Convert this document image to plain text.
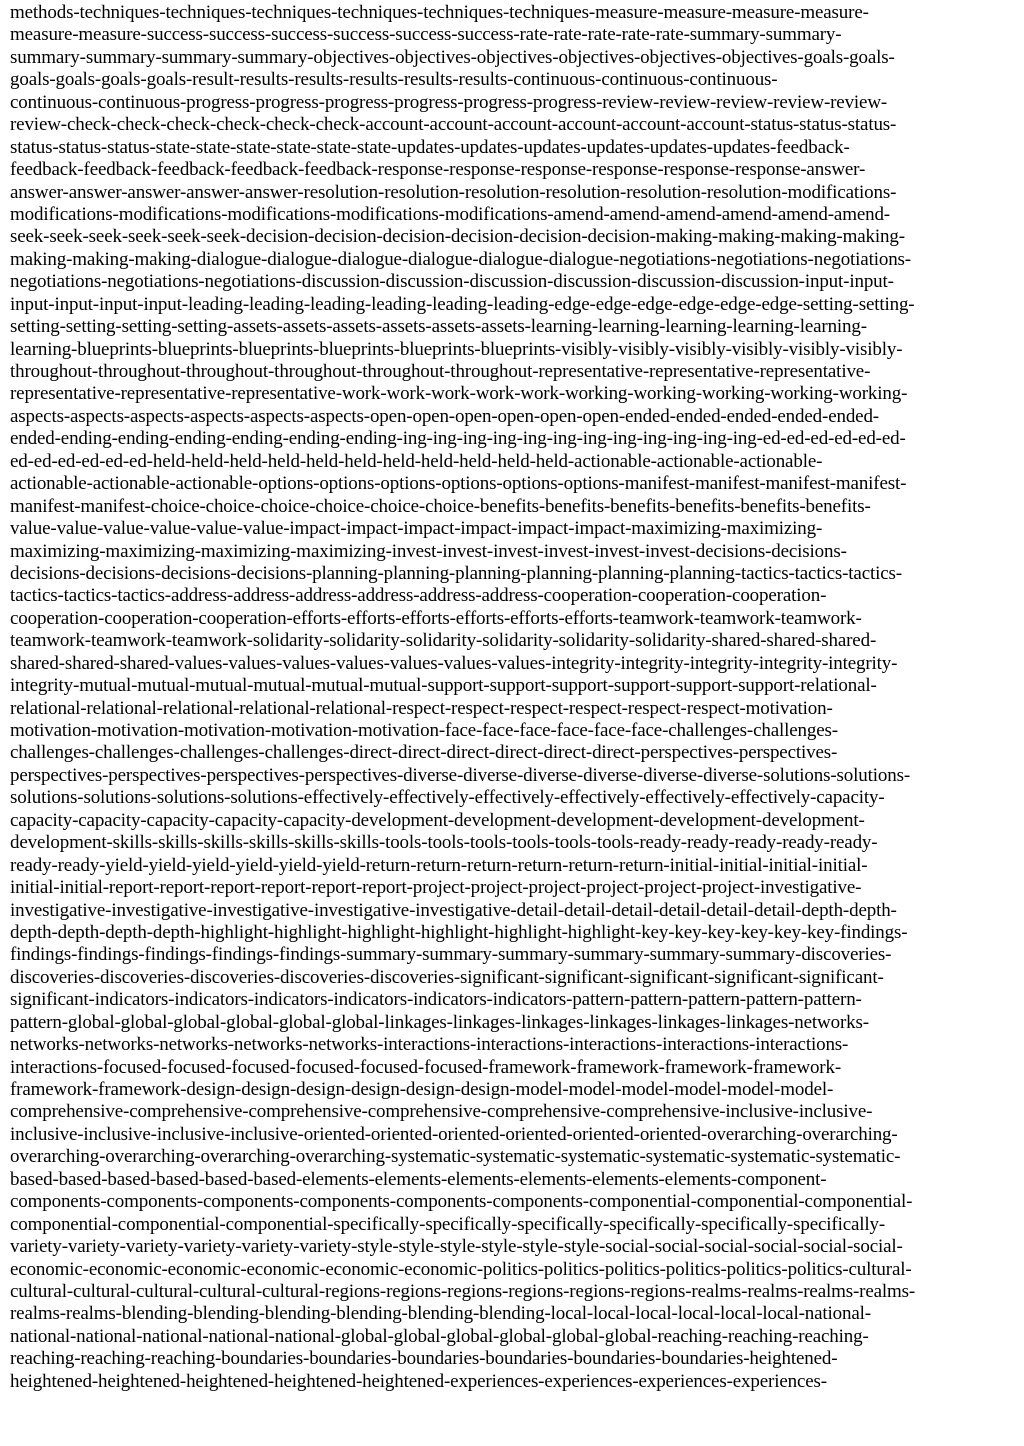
methods-techniques-techniques-techniques-techniques-techniques-techniques-measure-measure-measure-measure-
measure-measure-success-success-success-success-success-success-rate-rate-rate-rate-rate-summary-summary-
summary-summary-summary-summary-objectives-objectives-objectives-objectives-objectives-objectives-goals-goals-
goals-goals-goals-goals-result-results-results-results-results-results-continuous-continuous-continuous-
continuous-continuous-progress-progress-progress-progress-progress-progress-review-review-review-review-review-
review-check-check-check-check-check-check-account-account-account-account-account-account-status-status-status-
status-status-status-state-state-state-state-state-state-updates-updates-updates-updates-updates-updates-feedback-
feedback-feedback-feedback-feedback-feedback-response-response-response-response-response-response-answer-
answer-answer-answer-answer-answer-resolution-resolution-resolution-resolution-resolution-resolution-modifications-
modifications-modifications-modifications-modifications-modifications-amend-amend-amend-amend-amend-amend-
seek-seek-seek-seek-seek-seek-decision-decision-decision-decision-decision-decision-making-making-making-making-
making-making-making-dialogue-dialogue-dialogue-dialogue-dialogue-dialogue-negotiations-negotiations-negotiations-
negotiations-negotiations-negotiations-discussion-discussion-discussion-discussion-discussion-discussion-input-input-
input-input-input-input-leading-leading-leading-leading-leading-leading-edge-edge-edge-edge-edge-edge-setting-setting-
setting-setting-setting-setting-assets-assets-assets-assets-assets-assets-learning-learning-learning-learning-learning-
learning-blueprints-blueprints-blueprints-blueprints-blueprints-blueprints-visibly-visibly-visibly-visibly-visibly-visibly-
throughout-throughout-throughout-throughout-throughout-throughout-representative-representative-representative-
representative-representative-representative-work-work-work-work-work-working-working-working-working-working-
aspects-aspects-aspects-aspects-aspects-aspects-open-open-open-open-open-open-ended-ended-ended-ended-ended-
ended-ending-ending-ending-ending-ending-ending-ing-ing-ing-ing-ing-ing-ing-ing-ing-ing-ing-ing-ed-ed-ed-ed-ed-ed-
ed-ed-ed-ed-ed-ed-held-held-held-held-held-held-held-held-held-held-held-actionable-actionable-actionable-
actionable-actionable-actionable-options-options-options-options-options-options-manifest-manifest-manifest-manifest-
manifest-manifest-choice-choice-choice-choice-choice-choice-benefits-benefits-benefits-benefits-benefits-benefits-
value-value-value-value-value-value-impact-impact-impact-impact-impact-impact-maximizing-maximizing-
maximizing-maximizing-maximizing-maximizing-invest-invest-invest-invest-invest-invest-decisions-decisions-
decisions-decisions-decisions-decisions-planning-planning-planning-planning-planning-planning-tactics-tactics-tactics-
tactics-tactics-tactics-address-address-address-address-address-address-cooperation-cooperation-cooperation-
cooperation-cooperation-cooperation-efforts-efforts-efforts-efforts-efforts-efforts-teamwork-teamwork-teamwork-
teamwork-teamwork-teamwork-solidarity-solidarity-solidarity-solidarity-solidarity-solidarity-shared-shared-shared-
shared-shared-shared-values-values-values-values-values-values-values-integrity-integrity-integrity-integrity-integrity-
integrity-mutual-mutual-mutual-mutual-mutual-mutual-support-support-support-support-support-support-relational-
relational-relational-relational-relational-relational-respect-respect-respect-respect-respect-respect-motivation-
motivation-motivation-motivation-motivation-motivation-face-face-face-face-face-face-challenges-challenges-
challenges-challenges-challenges-challenges-direct-direct-direct-direct-direct-direct-perspectives-perspectives-
perspectives-perspectives-perspectives-perspectives-diverse-diverse-diverse-diverse-diverse-diverse-solutions-solutions-
solutions-solutions-solutions-solutions-effectively-effectively-effectively-effectively-effectively-effectively-capacity-
capacity-capacity-capacity-capacity-capacity-development-development-development-development-development-
development-skills-skills-skills-skills-skills-skills-tools-tools-tools-tools-tools-tools-ready-ready-ready-ready-ready-
ready-ready-yield-yield-yield-yield-yield-yield-return-return-return-return-return-return-initial-initial-initial-initial-
initial-initial-report-report-report-report-report-report-project-project-project-project-project-project-investigative-
investigative-investigative-investigative-investigative-investigative-detail-detail-detail-detail-detail-detail-depth-depth-
depth-depth-depth-depth-highlight-highlight-highlight-highlight-highlight-highlight-key-key-key-key-key-key-findings-
findings-findings-findings-findings-findings-summary-summary-summary-summary-summary-summary-discoveries-
discoveries-discoveries-discoveries-discoveries-discoveries-significant-significant-significant-significant-significant-
significant-indicators-indicators-indicators-indicators-indicators-indicators-pattern-pattern-pattern-pattern-pattern-
pattern-global-global-global-global-global-global-linkages-linkages-linkages-linkages-linkages-linkages-networks-
networks-networks-networks-networks-networks-interactions-interactions-interactions-interactions-interactions-
interactions-focused-focused-focused-focused-focused-focused-framework-framework-framework-framework-
framework-framework-design-design-design-design-design-design-model-model-model-model-model-model-
comprehensive-comprehensive-comprehensive-comprehensive-comprehensive-comprehensive-inclusive-inclusive-
inclusive-inclusive-inclusive-inclusive-oriented-oriented-oriented-oriented-oriented-oriented-overarching-overarching-
overarching-overarching-overarching-overarching-systematic-systematic-systematic-systematic-systematic-systematic-
based-based-based-based-based-based-elements-elements-elements-elements-elements-elements-component-
components-components-components-components-components-components-componential-componential-componential-
componential-componential-componential-specifically-specifically-specifically-specifically-specifically-specifically-
variety-variety-variety-variety-variety-variety-style-style-style-style-style-style-social-social-social-social-social-social-
economic-economic-economic-economic-economic-economic-politics-politics-politics-politics-politics-politics-cultural-
cultural-cultural-cultural-cultural-cultural-regions-regions-regions-regions-regions-regions-realms-realms-realms-realms-
realms-realms-blending-blending-blending-blending-blending-blending-local-local-local-local-local-local-national-
national-national-national-national-national-global-global-global-global-global-global-reaching-reaching-reaching-
reaching-reaching-reaching-boundaries-boundaries-boundaries-boundaries-boundaries-boundaries-heightened-
heightened-heightened-heightened-heightened-heightened-experiences-experiences-experiences-experiences-
